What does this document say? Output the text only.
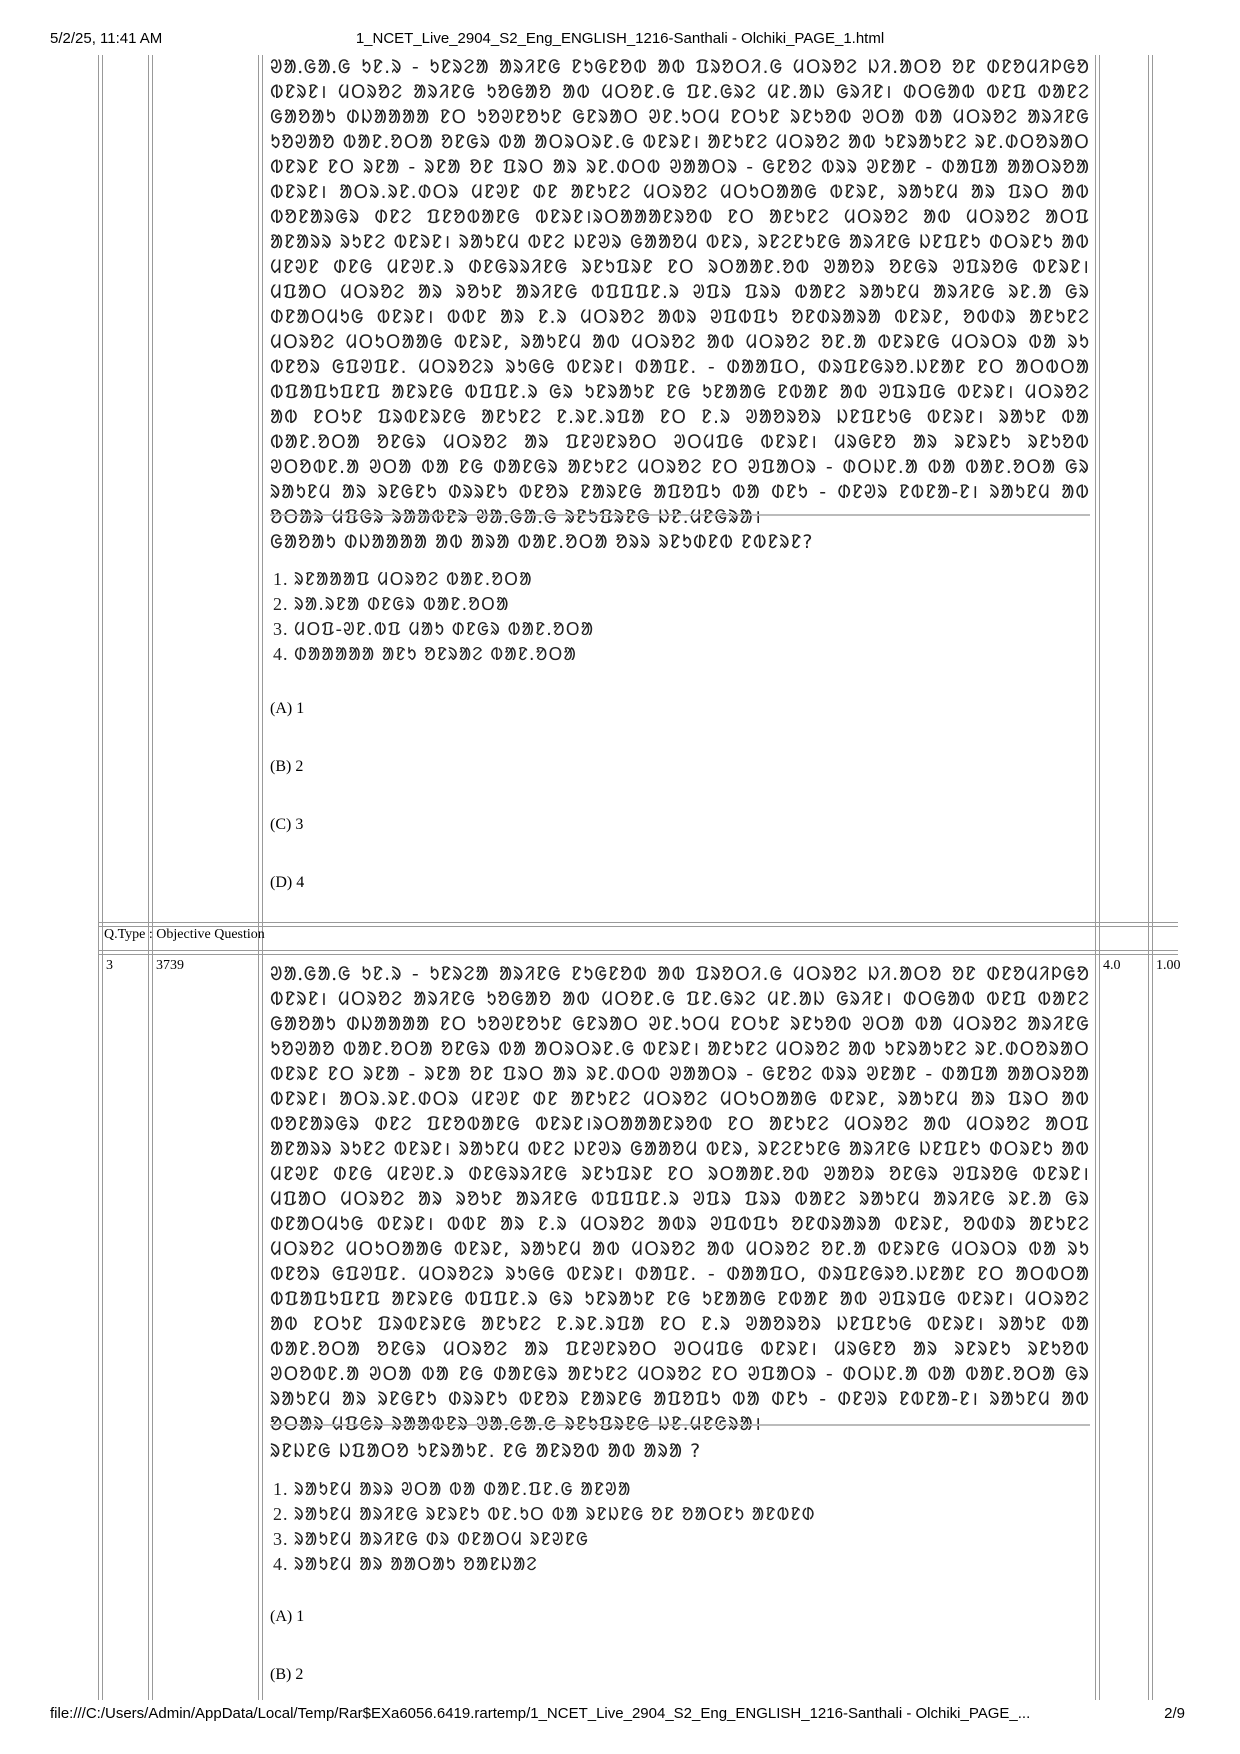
5/2/25, 11:41 AM	1_NCET_Live_2904_S2_Eng_ENGLISH_1216-Santhali - Olchiki_PAGE_1.html
ᱣᱟᱹᱜᱟᱹᱜ ᱩᱱ.ᱨ - ᱩᱱᱨᱮᱟ ᱟᱨᱤᱱᱜ ᱱᱩᱜᱱᱚᱵ ᱟᱵ ᱯᱨᱚᱛᱤ.ᱜ ᱢᱛᱨᱚᱮ ᱡᱤ.ᱟᱛᱚ ᱚᱱ ᱰᱱᱚᱢᱤᱞᱜᱚ ᱵᱱᱨᱱ। ᱢᱛᱨᱚᱮ ᱟᱨᱤᱱᱜ ᱩᱚᱜᱟᱚ ᱟᱵ ᱢᱛᱚᱱ.ᱜ ᱯᱱ.ᱜᱨᱮ ᱢᱱ.ᱟᱡ ᱜᱨᱤᱱ। ᱰᱛᱜᱟᱵ ᱵᱱᱯ ᱵᱟᱱᱮ ᱜᱟᱚᱟᱩ ᱰᱡᱟᱟᱟᱟ ᱱᱛ ᱩᱚᱣᱱᱚᱩᱱ ᱜᱱᱨᱟᱛ ᱣᱱ.ᱩᱛᱢ ᱱᱛᱩᱱ ᱨᱱᱩᱚᱵ ᱣᱛᱟ ᱵᱟ ᱢᱛᱨᱚᱮ ᱟᱨᱤᱱᱜ ᱩᱚᱣᱟᱚ ᱵᱟᱱ.ᱚᱛᱟ ᱚᱱᱜᱨ ᱵᱟ ᱟᱛᱨᱛᱨᱱ.ᱜ ᱵᱱᱨᱱ। ᱟᱱᱩᱱᱮ ᱢᱛᱨᱚᱮ ᱟᱵ ᱩᱱᱨᱟᱩᱱᱮ ᱨᱱ.ᱰᱛᱚᱨᱟᱛ ᱵᱱᱨᱱ ᱱᱛ ᱨᱱᱟ - ᱨᱱᱟ ᱚᱱ ᱯᱨᱛ ᱟᱨ ᱨᱱ.ᱰᱛᱵ ᱣᱟᱟᱛᱨ - ᱜᱱᱚᱮ ᱵᱨᱨ ᱣᱱᱟᱱ - ᱰᱟᱯᱟ ᱟᱟᱛᱨᱚᱟ ᱵᱱᱨᱱ। ᱟᱛᱨ.ᱨᱱ.ᱰᱛᱨ ᱢᱱᱣᱱ ᱰᱱ ᱟᱱᱩᱱᱮ ᱢᱛᱨᱚᱮ ᱢᱛᱩᱛᱟᱟᱜ ᱵᱱᱨᱱ, ᱨᱟᱩᱱᱢ ᱟᱨ ᱯᱨᱛ ᱟᱵ ᱵᱚᱱᱟᱨᱜᱨ ᱰᱱᱮ ᱯᱱᱚᱵᱟᱱᱜ ᱵᱱᱨᱱ।ᱨᱛᱟᱟᱟᱱᱨᱚᱵ ᱱᱛ ᱟᱱᱩᱱᱮ ᱢᱛᱨᱚᱮ ᱟᱵ ᱢᱛᱨᱚᱮ ᱟᱛᱯ ᱟᱱᱟᱨᱨ ᱨᱩᱱᱮ ᱵᱱᱨᱱ। ᱨᱟᱩᱱᱢ ᱵᱱᱮ ᱡᱱᱣᱨ ᱜᱟᱟᱚᱢ ᱵᱱᱨ, ᱨᱱᱮᱱᱩᱱᱜ ᱟᱨᱤᱱᱜ ᱡᱱᱯᱱᱩ ᱰᱛᱨᱱᱩ ᱟᱵ ᱢᱱᱣᱱ ᱰᱱᱜ ᱢᱱᱣᱱ.ᱨ ᱰᱱᱜᱨᱨᱤᱱᱜ ᱨᱱᱩᱯᱨᱱ ᱱᱛ ᱨᱛᱟᱟᱱ.ᱚᱵ ᱣᱟᱚᱨ ᱚᱱᱜᱨ ᱣᱯᱨᱚᱜ ᱵᱱᱨᱱ। ᱢᱯᱟᱛ ᱢᱛᱨᱚᱮ ᱟᱨ ᱨᱚᱩᱱ ᱟᱨᱤᱱᱜ ᱵᱯᱯᱯᱱ.ᱨ ᱣᱯᱨ ᱯᱨᱨ ᱵᱟᱱᱮ ᱨᱟᱩᱱᱢ ᱟᱨᱤᱱᱜ ᱨᱱ.ᱟ ᱜᱨ ᱰᱱᱟᱛᱢᱩᱜ ᱵᱱᱨᱱ। ᱵᱵᱱ ᱟᱨ ᱱ.ᱨ ᱢᱛᱨᱚᱮ ᱟᱵᱨ ᱣᱯᱵᱯᱩ ᱚᱱᱰᱨᱟᱨᱟ ᱵᱱᱨᱱ, ᱚᱵᱰᱨ ᱟᱱᱩᱱᱮ ᱢᱛᱨᱚᱮ ᱢᱛᱩᱛᱟᱟᱜ ᱵᱱᱨᱱ, ᱨᱟᱩᱱᱢ ᱟᱵ ᱢᱛᱨᱚᱮ ᱟᱵ ᱢᱛᱨᱚᱮ ᱚᱱ.ᱟ ᱵᱱᱨᱱᱜ ᱢᱛᱨᱛᱨ ᱵᱟ ᱨᱩ ᱵᱱᱚᱨ ᱜᱯᱣᱯᱱ. ᱢᱛᱨᱚᱮᱨ ᱨᱩᱜᱜ ᱵᱱᱨᱱ। ᱰᱟᱯᱱ. - ᱰᱟᱟᱯᱛ, ᱰᱨᱯᱱᱜᱨᱚ.ᱡᱱᱟᱱ ᱱᱛ ᱟᱛᱵᱛᱟ ᱵᱯᱟᱯᱩᱯᱱᱯ ᱟᱱᱨᱱᱜ ᱵᱯᱯᱱ.ᱨ ᱜᱨ ᱩᱱᱨᱟᱩᱱ ᱱᱜ ᱩᱱᱟᱟᱜ ᱱᱵᱟᱱ ᱟᱵ ᱣᱯᱨᱯᱜ ᱵᱱᱨᱱ। ᱢᱛᱨᱚᱮ ᱟᱵ ᱱᱛᱩᱱ ᱯᱨᱵᱱᱨᱱᱜ ᱟᱱᱩᱱᱮ ᱱ.ᱨᱱ.ᱨᱯᱟ ᱱᱛ ᱱ.ᱨ ᱣᱟᱚᱨᱚᱨ ᱡᱱᱯᱱᱩᱜ ᱵᱱᱨᱱ। ᱨᱟᱩᱱ ᱵᱟ ᱵᱟᱱ.ᱚᱛᱟ ᱚᱱᱜᱨ ᱢᱛᱨᱚᱮ ᱟᱨ ᱯᱱᱣᱱᱨᱚᱛ ᱣᱛᱢᱯᱜ ᱵᱱᱨᱱ। ᱢᱨᱜᱱᱚ ᱟᱨ ᱨᱱᱨᱱᱩ ᱨᱱᱩᱚᱵ ᱣᱛᱚᱵᱱ.ᱟ ᱣᱛᱟ ᱵᱟ ᱱᱜ ᱰᱟᱱᱜᱨ ᱟᱱᱩᱱᱮ ᱢᱛᱨᱚᱮ ᱱᱛ ᱣᱯᱟᱛᱨ - ᱰᱛᱡᱱ.ᱟ ᱵᱟ ᱵᱟᱱ.ᱚᱛᱟ ᱜᱨ ᱨᱟᱩᱱᱢ ᱟᱨ ᱨᱱᱜᱱᱩ ᱰᱨᱨᱱᱩ ᱵᱱᱚᱨ ᱱᱟᱨᱱᱜ ᱟᱯᱚᱯᱩ ᱵᱟ ᱰᱱᱩ - ᱰᱱᱣᱨ ᱱᱵᱱᱟ-ᱱ। ᱨᱟᱩᱱᱢ ᱟᱵ ᱚᱛᱟᱨ ᱢᱯᱜᱨ ᱨᱟᱟᱵᱱᱨ ᱣᱟᱹᱜᱟᱹᱜ ᱨᱱᱩᱯᱨᱱᱜ ᱡᱱ.ᱢᱱᱜᱨᱟ।
ᱜᱟᱚᱟᱩ ᱰᱡᱟᱟᱟᱟ ᱟᱵ ᱟᱨᱟ ᱵᱟᱱ.ᱚᱛᱟ ᱚᱨᱨ ᱨᱱᱩᱰᱱᱵ ᱱᱵᱱᱨᱱ?
1. ᱨᱱᱟᱟᱟᱯ ᱢᱛᱨᱚᱮ ᱵᱟᱱ.ᱚᱛᱟ
2. ᱨᱟ.ᱨᱱᱟ ᱰᱱᱜᱨ ᱵᱟᱱ.ᱚᱛᱟ
3. ᱢᱛᱯ-ᱣᱱ.ᱵᱯ ᱢᱟᱩ ᱰᱱᱜᱨ ᱵᱟᱱ.ᱚᱛᱟ
4. ᱰᱟᱟᱟᱟᱟ ᱟᱱᱩ ᱚᱱᱨᱟᱮ ᱵᱟᱱ.ᱚᱛᱟ
(A) 1
(B) 2
(C) 3
(D) 4
Q.Type : Objective Question
3	3739	4.0	1.00
ᱣᱟᱹᱜᱟᱹᱜ ᱩᱱ.ᱨ - ᱩᱱᱨᱮᱟ ᱟᱨᱤᱱᱜ ᱱᱩᱜᱱᱚᱵ ᱟᱵ ᱯᱨᱚᱛᱤ.ᱜ ᱢᱛᱨᱚᱮ ᱡᱤ.ᱟᱛᱚ ᱚᱱ ᱰᱱᱚᱢᱤᱞᱜᱚ ᱵᱱᱨᱱ। ᱢᱛᱨᱚᱮ ᱟᱨᱤᱱᱜ ᱩᱚᱜᱟᱚ ᱟᱵ ᱢᱛᱚᱱ.ᱜ ᱯᱱ.ᱜᱨᱮ ᱢᱱ.ᱟᱡ ᱜᱨᱤᱱ। ᱰᱛᱜᱟᱵ ᱵᱱᱯ ᱵᱟᱱᱮ ᱜᱟᱚᱟᱩ ᱰᱡᱟᱟᱟᱟ ᱱᱛ ᱩᱚᱣᱱᱚᱩᱱ ᱜᱱᱨᱟᱛ ᱣᱱ.ᱩᱛᱢ ᱱᱛᱩᱱ ᱨᱱᱩᱚᱵ ᱣᱛᱟ ᱵᱟ ᱢᱛᱨᱚᱮ ᱟᱨᱤᱱᱜ ᱩᱚᱣᱟᱚ ᱵᱟᱱ.ᱚᱛᱟ ᱚᱱᱜᱨ ᱵᱟ ᱟᱛᱨᱛᱨᱱ.ᱜ ᱵᱱᱨᱱ। ᱟᱱᱩᱱᱮ ᱢᱛᱨᱚᱮ ᱟᱵ ᱩᱱᱨᱟᱩᱱᱮ ᱨᱱ.ᱰᱛᱚᱨᱟᱛ ᱵᱱᱨᱱ ᱱᱛ ᱨᱱᱟ - ᱨᱱᱟ ᱚᱱ ᱯᱨᱛ ᱟᱨ ᱨᱱ.ᱰᱛᱵ ᱣᱟᱟᱛᱨ - ᱜᱱᱚᱮ ᱵᱨᱨ ᱣᱱᱟᱱ - ᱰᱟᱯᱟ ᱟᱟᱛᱨᱚᱟ ᱵᱱᱨᱱ। ᱟᱛᱨ.ᱨᱱ.ᱰᱛᱨ ᱢᱱᱣᱱ ᱰᱱ ᱟᱱᱩᱱᱮ ᱢᱛᱨᱚᱮ ᱢᱛᱩᱛᱟᱟᱜ ᱵᱱᱨᱱ, ᱨᱟᱩᱱᱢ ᱟᱨ ᱯᱨᱛ ᱟᱵ ᱵᱚᱱᱟᱨᱜᱨ ᱰᱱᱮ ᱯᱱᱚᱵᱟᱱᱜ ᱵᱱᱨᱱ।ᱨᱛᱟᱟᱟᱱᱨᱚᱵ ᱱᱛ ᱟᱱᱩᱱᱮ ᱢᱛᱨᱚᱮ ᱟᱵ ᱢᱛᱨᱚᱮ ᱟᱛᱯ ᱟᱱᱟᱨᱨ ᱨᱩᱱᱮ ᱵᱱᱨᱱ। ᱨᱟᱩᱱᱢ ᱵᱱᱮ ᱡᱱᱣᱨ ᱜᱟᱟᱚᱢ ᱵᱱᱨ, ᱨᱱᱮᱱᱩᱱᱜ ᱟᱨᱤᱱᱜ ᱡᱱᱯᱱᱩ ᱰᱛᱨᱱᱩ ᱟᱵ ᱢᱱᱣᱱ ᱰᱱᱜ ᱢᱱᱣᱱ.ᱨ ᱰᱱᱜᱨᱨᱤᱱᱜ ᱨᱱᱩᱯᱨᱱ ᱱᱛ ᱨᱛᱟᱟᱱ.ᱚᱵ ᱣᱟᱚᱨ ᱚᱱᱜᱨ ᱣᱯᱨᱚᱜ ᱵᱱᱨᱱ। ᱢᱯᱟᱛ ᱢᱛᱨᱚᱮ ᱟᱨ ᱨᱚᱩᱱ ᱟᱨᱤᱱᱜ ᱵᱯᱯᱯᱱ.ᱨ ᱣᱯᱨ ᱯᱨᱨ ᱵᱟᱱᱮ ᱨᱟᱩᱱᱢ ᱟᱨᱤᱱᱜ ᱨᱱ.ᱟ ᱜᱨ ᱰᱱᱟᱛᱢᱩᱜ ᱵᱱᱨᱱ। ᱵᱵᱱ ᱟᱨ ᱱ.ᱨ ᱢᱛᱨᱚᱮ ᱟᱵᱨ ᱣᱯᱵᱯᱩ ᱚᱱᱰᱨᱟᱨᱟ ᱵᱱᱨᱱ, ᱚᱵᱰᱨ ᱟᱱᱩᱱᱮ ᱢᱛᱨᱚᱮ ᱢᱛᱩᱛᱟᱟᱜ ᱵᱱᱨᱱ, ᱨᱟᱩᱱᱢ ᱟᱵ ᱢᱛᱨᱚᱮ ᱟᱵ ᱢᱛᱨᱚᱮ ᱚᱱ.ᱟ ᱵᱱᱨᱱᱜ ᱢᱛᱨᱛᱨ ᱵᱟ ᱨᱩ ᱵᱱᱚᱨ ᱜᱯᱣᱯᱱ. ᱢᱛᱨᱚᱮᱨ ᱨᱩᱜᱜ ᱵᱱᱨᱱ। ᱰᱟᱯᱱ. - ᱰᱟᱟᱯᱛ, ᱰᱨᱯᱱᱜᱨᱚ.ᱡᱱᱟᱱ ᱱᱛ ᱟᱛᱵᱛᱟ ᱵᱯᱟᱯᱩᱯᱱᱯ ᱟᱱᱨᱱᱜ ᱵᱯᱯᱱ.ᱨ ᱜᱨ ᱩᱱᱨᱟᱩᱱ ᱱᱜ ᱩᱱᱟᱟᱜ ᱱᱵᱟᱱ ᱟᱵ ᱣᱯᱨᱯᱜ ᱵᱱᱨᱱ। ᱢᱛᱨᱚᱮ ᱟᱵ ᱱᱛᱩᱱ ᱯᱨᱵᱱᱨᱱᱜ ᱟᱱᱩᱱᱮ ᱱ.ᱨᱱ.ᱨᱯᱟ ᱱᱛ ᱱ.ᱨ ᱣᱟᱚᱨᱚᱨ ᱡᱱᱯᱱᱩᱜ ᱵᱱᱨᱱ। ᱨᱟᱩᱱ ᱵᱟ ᱵᱟᱱ.ᱚᱛᱟ ᱚᱱᱜᱨ ᱢᱛᱨᱚᱮ ᱟᱨ ᱯᱱᱣᱱᱨᱚᱛ ᱣᱛᱢᱯᱜ ᱵᱱᱨᱱ। ᱢᱨᱜᱱᱚ ᱟᱨ ᱨᱱᱨᱱᱩ ᱨᱱᱩᱚᱵ ᱣᱛᱚᱵᱱ.ᱟ ᱣᱛᱟ ᱵᱟ ᱱᱜ ᱰᱟᱱᱜᱨ ᱟᱱᱩᱱᱮ ᱢᱛᱨᱚᱮ ᱱᱛ ᱣᱯᱟᱛᱨ - ᱰᱛᱡᱱ.ᱟ ᱵᱟ ᱵᱟᱱ.ᱚᱛᱟ ᱜᱨ ᱨᱟᱩᱱᱢ ᱟᱨ ᱨᱱᱜᱱᱩ ᱰᱨᱨᱱᱩ ᱵᱱᱚᱨ ᱱᱟᱨᱱᱜ ᱟᱯᱚᱯᱩ ᱵᱟ ᱰᱱᱩ - ᱰᱱᱣᱨ ᱱᱵᱱᱟ-ᱱ। ᱨᱟᱩᱱᱢ ᱟᱵ ᱚᱛᱟᱨ ᱢᱯᱜᱨ ᱨᱟᱟᱵᱱᱨ ᱣᱟᱹᱜᱟᱹᱜ ᱨᱱᱩᱯᱨᱱᱜ ᱡᱱ.ᱢᱱᱜᱨᱟ।
ᱨᱱᱡᱱᱜ ᱡᱯᱟᱛᱚ ᱩᱱᱨᱟᱩᱱ. ᱱᱜ ᱟᱱᱨᱚᱵ ᱟᱵ ᱟᱨᱟ ?
1. ᱨᱟᱩᱱᱢ ᱟᱨᱨ ᱣᱛᱟ ᱵᱟ ᱰᱟᱱ.ᱯᱱ.ᱜ ᱟᱱᱣᱟ
2. ᱨᱟᱩᱱᱢ ᱟᱨᱤᱱᱜ ᱨᱱᱨᱱᱩ ᱵᱱ.ᱩᱛ ᱵᱟ ᱨᱱᱡᱱᱜ ᱚᱱ ᱚᱟᱛᱱᱩ ᱟᱱᱵᱱᱰ
3. ᱨᱟᱩᱱᱢ ᱟᱨᱤᱱᱜ ᱰᱨ ᱰᱱᱟᱛᱢ ᱨᱱᱣᱱᱜ
4. ᱨᱟᱩᱱᱢ ᱟᱨ ᱟᱟᱛᱟᱩ ᱚᱟᱱᱡᱟᱮ
(A) 1
(B) 2
file:///C:/Users/Admin/AppData/Local/Temp/Rar$EXa6056.6419.rartemp/1_NCET_Live_2904_S2_Eng_ENGLISH_1216-Santhali - Olchiki_PAGE_...	2/9
